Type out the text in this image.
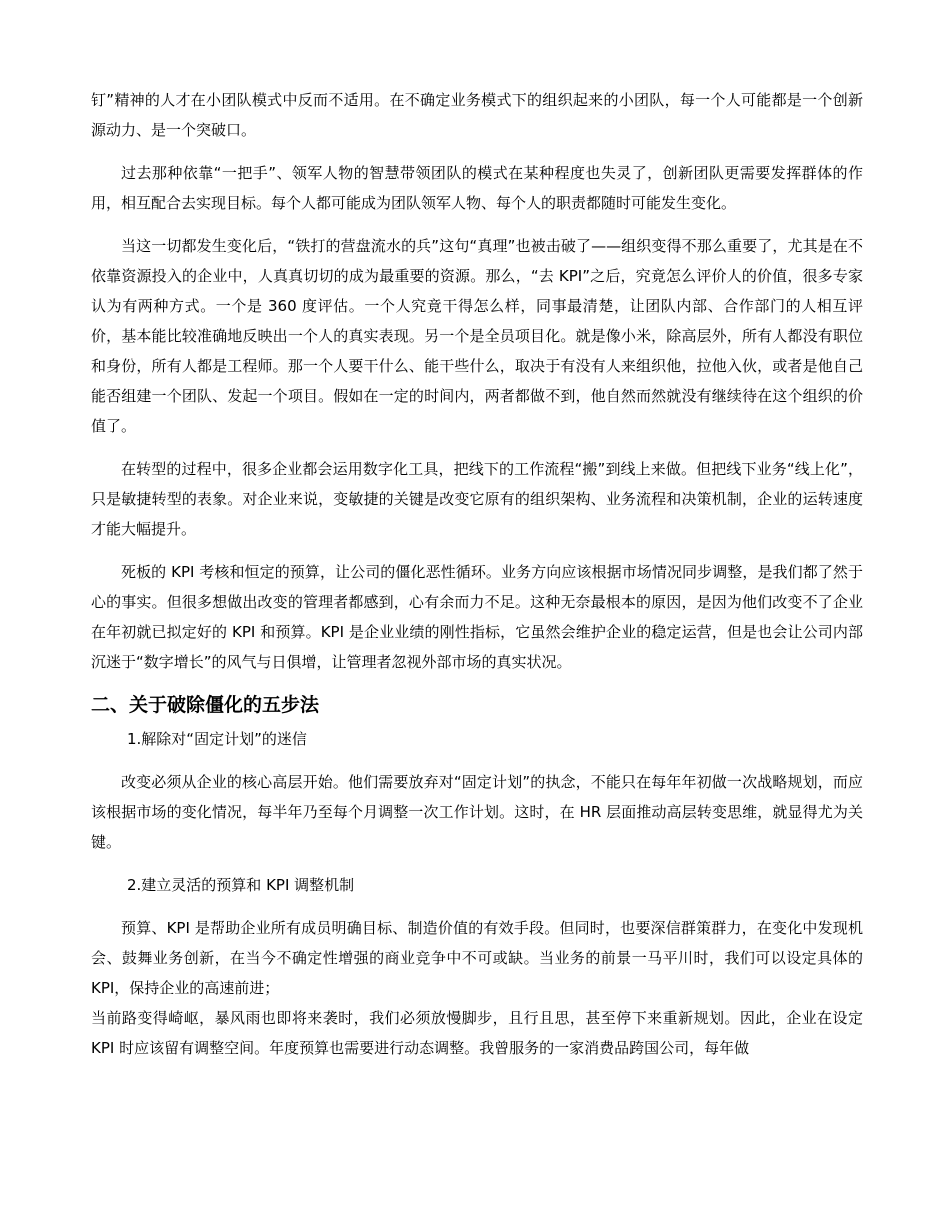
钉”精神的人才在小团队模式中反而不适用。在不确定业务模式下的组织起来的小团队，每一个人可能都是一个创新源动力、是一个突破口。

过去那种依靠“一把手”、领军人物的智慧带领团队的模式在某种程度也失灵了，创新团队更需要发挥群体的作用，相互配合去实现目标。每个人都可能成为团队领军人物、每个人的职责都随时可能发生变化。

当这一切都发生变化后，“铁打的营盘流水的兵”这句“真理”也被击破了——组织变得不那么重要了，尤其是在不依靠资源投入的企业中，人真真切切的成为最重要的资源。那么，“去 KPI”之后，究竟怎么评价人的价值，很多专家认为有两种方式。一个是 360 度评估。一个人究竟干得怎么样，同事最清楚，让团队内部、合作部门的人相互评价，基本能比较准确地反映出一个人的真实表现。另一个是全员项目化。就是像小米，除高层外，所有人都没有职位和身份，所有人都是工程师。那一个人要干什么、能干些什么，取决于有没有人来组织他，拉他入伙，或者是他自己能否组建一个团队、发起一个项目。假如在一定的时间内，两者都做不到，他自然而然就没有继续待在这个组织的价值了。

在转型的过程中，很多企业都会运用数字化工具，把线下的工作流程“搬”到线上来做。但把线下业务“线上化”，只是敏捷转型的表象。对企业来说，变敏捷的关键是改变它原有的组织架构、业务流程和决策机制，企业的运转速度才能大幅提升。

死板的 KPI 考核和恒定的预算，让公司的僵化恶性循环。业务方向应该根据市场情况同步调整，是我们都了然于心的事实。但很多想做出改变的管理者都感到，心有余而力不足。这种无奈最根本的原因，是因为他们改变不了企业在年初就已拟定好的 KPI 和预算。KPI 是企业业绩的刚性指标，它虽然会维护企业的稳定运营，但是也会让公司内部沉迷于“数字增长”的风气与日俱增，让管理者忽视外部市场的真实状况。

二、关于破除僵化的五步法
1.解除对“固定计划”的迷信

改变必须从企业的核心高层开始。他们需要放弃对“固定计划”的执念，不能只在每年年初做一次战略规划，而应该根据市场的变化情况，每半年乃至每个月调整一次工作计划。这时，在 HR 层面推动高层转变思维，就显得尤为关键。

2.建立灵活的预算和 KPI 调整机制

预算、KPI 是帮助企业所有成员明确目标、制造价值的有效手段。但同时，也要深信群策群力，在变化中发现机会、鼓舞业务创新，在当今不确定性增强的商业竞争中不可或缺。当业务的前景一马平川时，我们可以设定具体的 KPI，保持企业的高速前进；

当前路变得崎岖，暴风雨也即将来袭时，我们必须放慢脚步，且行且思，甚至停下来重新规划。因此，企业在设定 KPI 时应该留有调整空间。年度预算也需要进行动态调整。我曾服务的一家消费品跨国公司，每年做
